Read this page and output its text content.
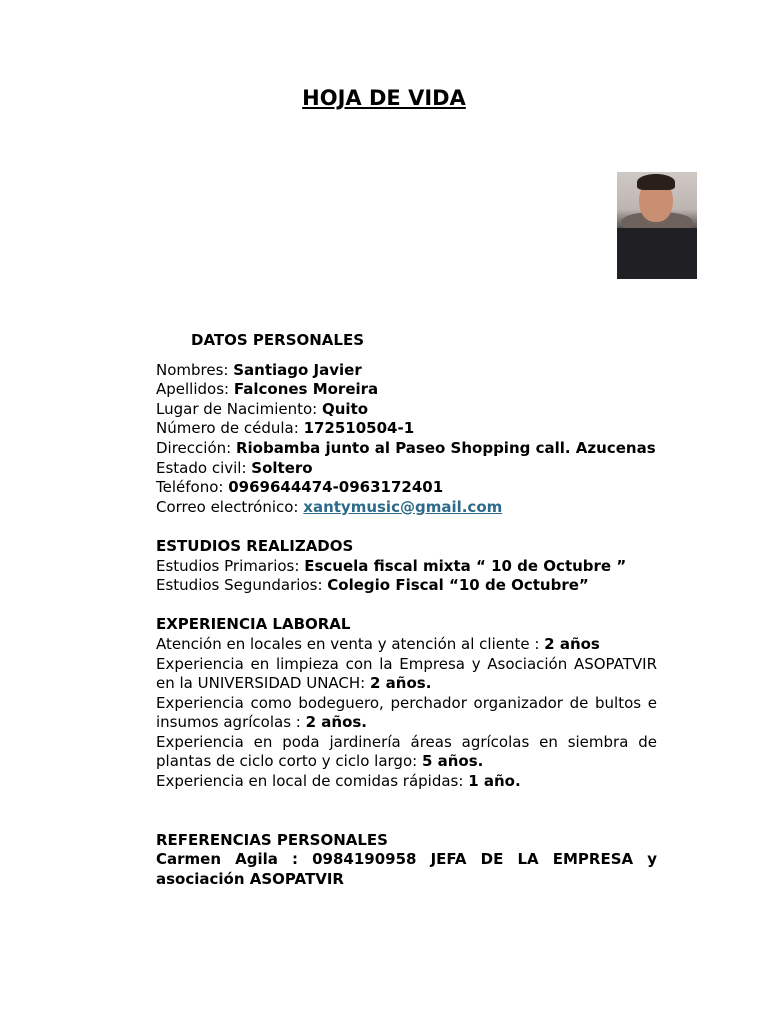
HOJA DE VIDA

DATOS PERSONALES

Nombres: Santiago Javier

Apellidos: Falcones Moreira

Lugar de Nacimiento: Quito

Número de cédula: 172510504-1

Dirección: Riobamba junto al Paseo Shopping call. Azucenas

Estado civil: Soltero

Teléfono: 0969644474-0963172401

Correo electrónico: xantymusic@gmail.com

ESTUDIOS REALIZADOS

Estudios Primarios: Escuela fiscal mixta “ 10 de Octubre ”

Estudios Segundarios: Colegio Fiscal “10 de Octubre”

EXPERIENCIA LABORAL

Atención en locales en venta y atención al cliente : 2 años

Experiencia en limpieza con la Empresa y Asociación ASOPATVIR en la UNIVERSIDAD UNACH: 2 años.

Experiencia como bodeguero, perchador organizador de bultos e insumos agrícolas : 2 años.

Experiencia en poda jardinería áreas agrícolas en siembra de plantas de ciclo corto y ciclo largo: 5 años.

Experiencia en local de comidas rápidas: 1 año.

REFERENCIAS PERSONALES

Carmen Agila : 0984190958 JEFA DE LA EMPRESA y asociación ASOPATVIR
